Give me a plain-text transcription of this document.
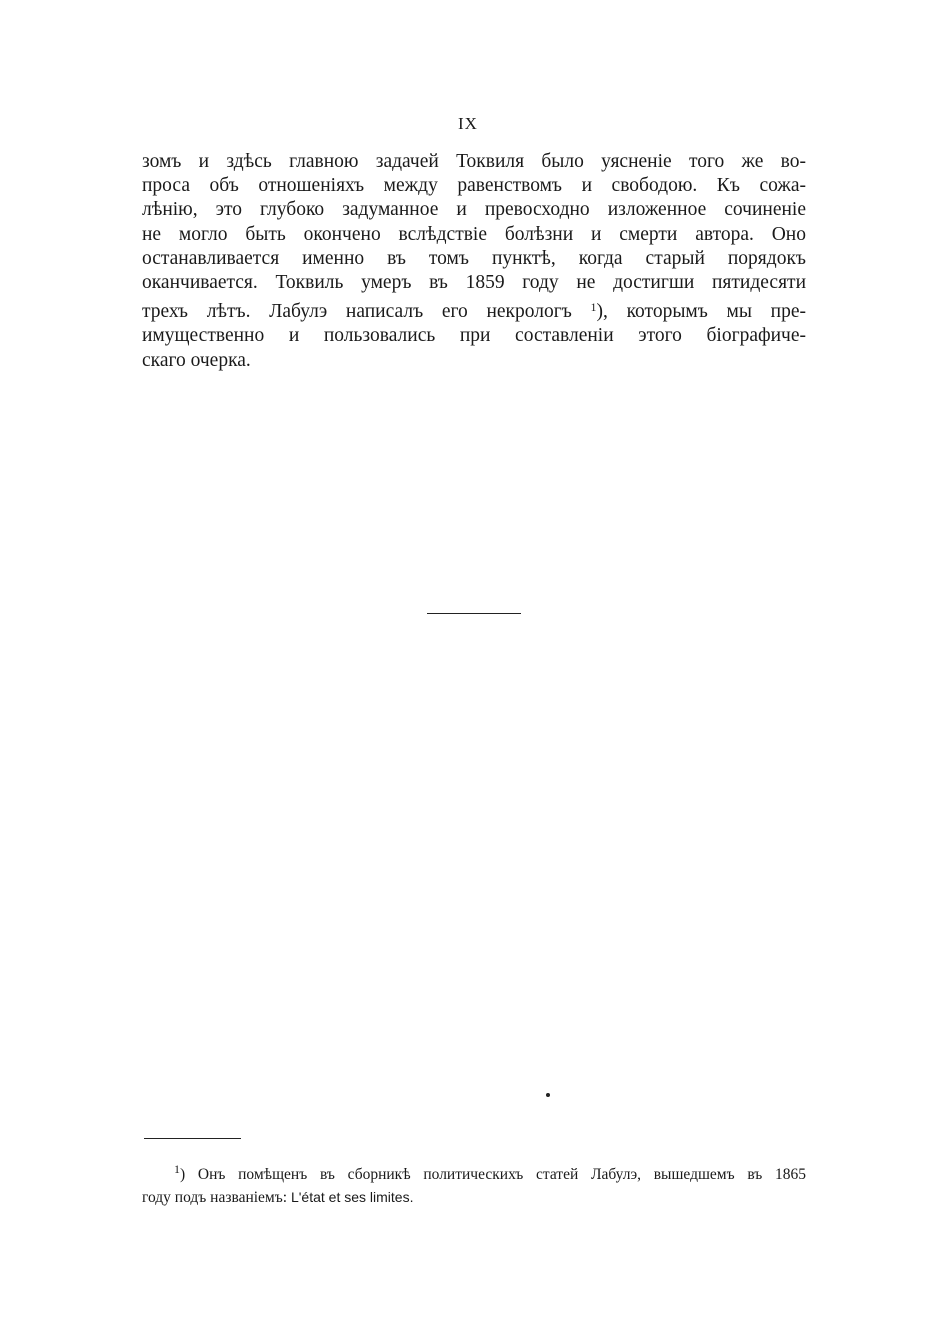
IX
зомъ и здѣсь главною задачей Токвиля было уясненіе того же во-
проса объ отношеніяхъ между равенствомъ и свободою. Къ сожа-
лѣнію, это глубоко задуманное и превосходно изложенное сочиненіе
не могло быть окончено вслѣдствіе болѣзни и смерти автора. Оно
останавливается именно въ томъ пунктѣ, когда старый порядокъ
оканчивается. Токвиль умеръ въ 1859 году не достигши пятидесяти
трехъ лѣтъ. Лабулэ написалъ его некрологъ $^1$), которымъ мы пре-
имущественно и пользовались при составленіи этого біографиче-
скаго очерка.
$^1$) Онъ помѣщенъ въ сборникѣ политическихъ статей Лабулэ, вышедшемъ въ 1865
году подъ названіемъ: L'état et ses limites.
